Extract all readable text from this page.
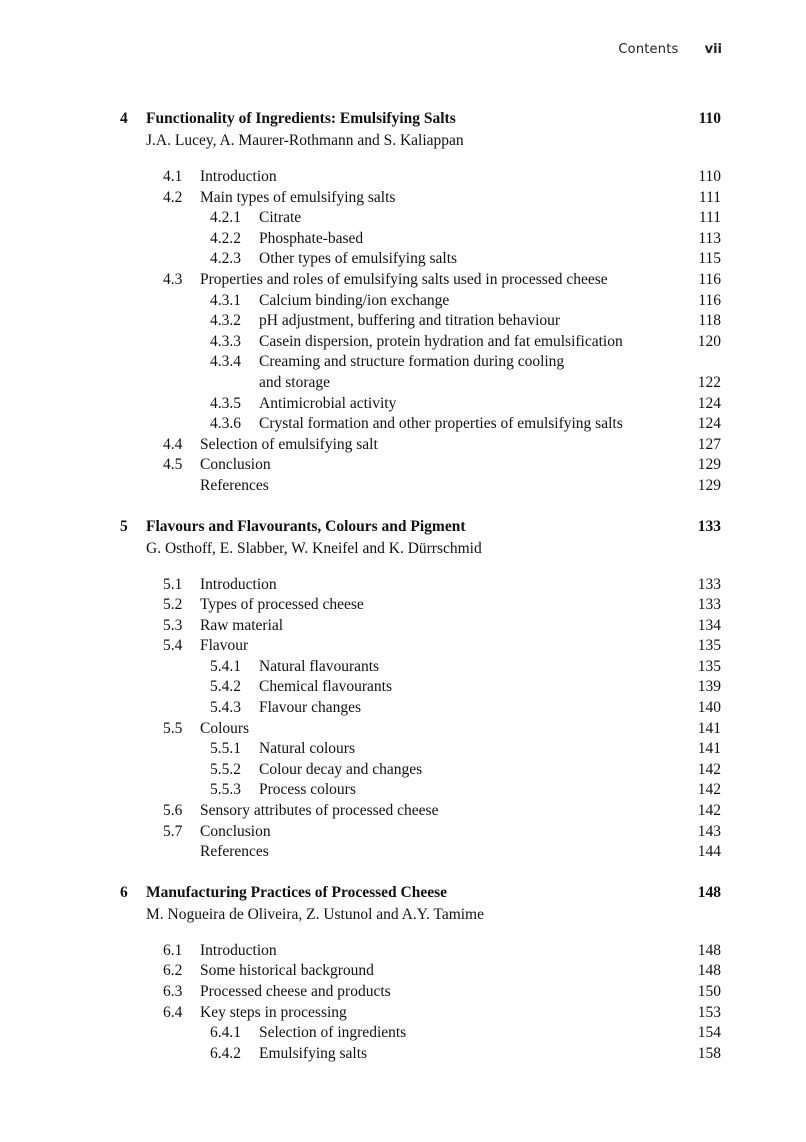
Contents vii
4 Functionality of Ingredients: Emulsifying Salts	110
J.A. Lucey, A. Maurer-Rothmann and S. Kaliappan
4.1 Introduction	110
4.2 Main types of emulsifying salts	111
4.2.1 Citrate	111
4.2.2 Phosphate-based	113
4.2.3 Other types of emulsifying salts	115
4.3 Properties and roles of emulsifying salts used in processed cheese	116
4.3.1 Calcium binding/ion exchange	116
4.3.2 pH adjustment, buffering and titration behaviour	118
4.3.3 Casein dispersion, protein hydration and fat emulsification	120
4.3.4 Creaming and structure formation during cooling
and storage	122
4.3.5 Antimicrobial activity	124
4.3.6 Crystal formation and other properties of emulsifying salts	124
4.4 Selection of emulsifying salt	127
4.5 Conclusion	129
References	129
5 Flavours and Flavourants, Colours and Pigment	133
G. Osthoff, E. Slabber, W. Kneifel and K. Dürrschmid
5.1 Introduction	133
5.2 Types of processed cheese	133
5.3 Raw material	134
5.4 Flavour	135
5.4.1 Natural flavourants	135
5.4.2 Chemical flavourants	139
5.4.3 Flavour changes	140
5.5 Colours	141
5.5.1 Natural colours	141
5.5.2 Colour decay and changes	142
5.5.3 Process colours	142
5.6 Sensory attributes of processed cheese	142
5.7 Conclusion	143
References	144
6 Manufacturing Practices of Processed Cheese	148
M. Nogueira de Oliveira, Z. Ustunol and A.Y. Tamime
6.1 Introduction	148
6.2 Some historical background	148
6.3 Processed cheese and products	150
6.4 Key steps in processing	153
6.4.1 Selection of ingredients	154
6.4.2 Emulsifying salts	158
